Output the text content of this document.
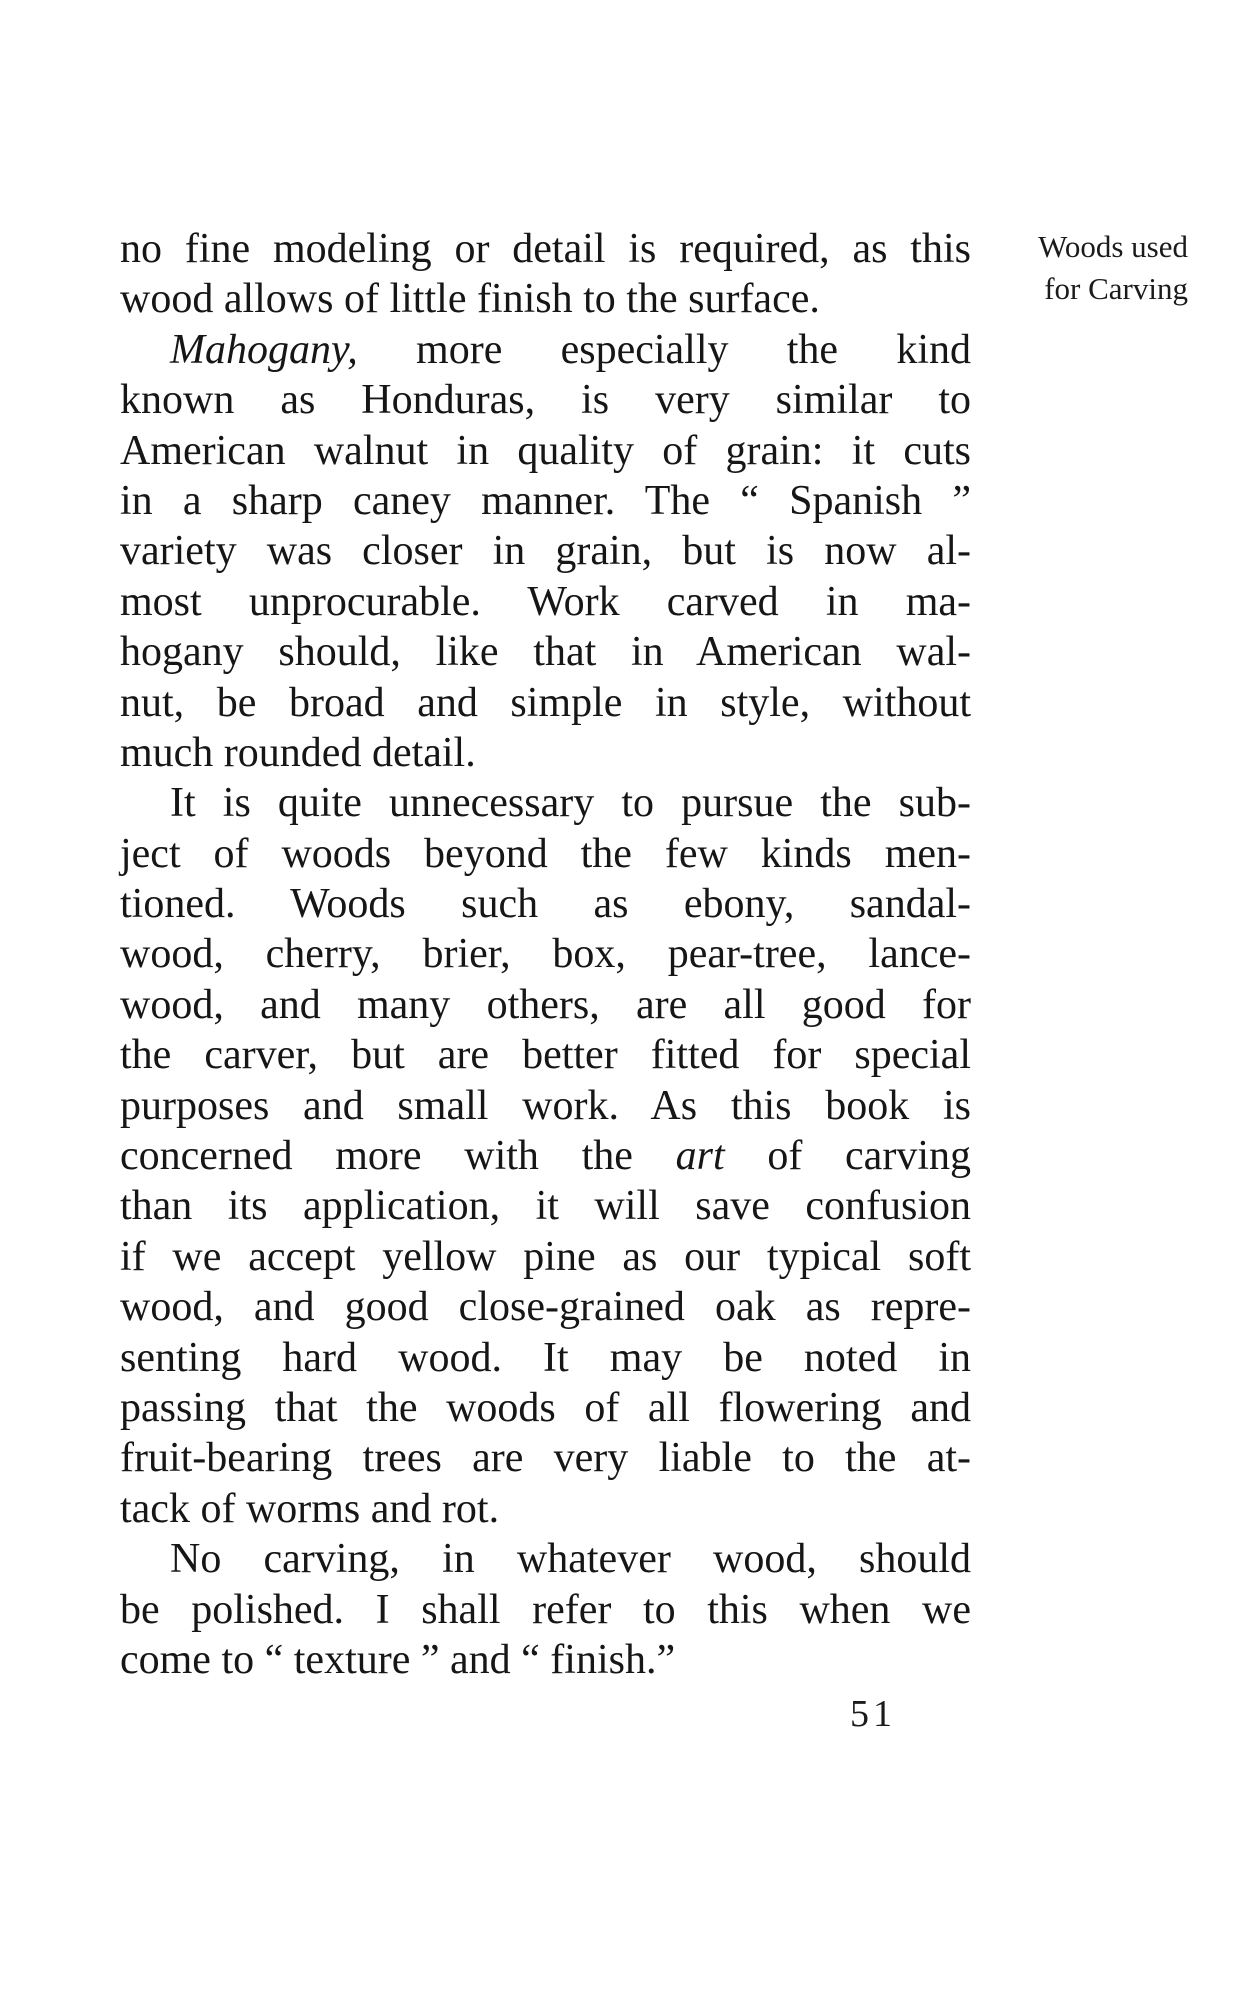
Woods used
for Carving
no fine modeling or detail is required, as this
wood allows of little finish to the surface.
Mahogany, more especially the kind
known as Honduras, is very similar to
American walnut in quality of grain: it cuts
in a sharp caney manner. The “ Spanish ”
variety was closer in grain, but is now al-
most unprocurable. Work carved in ma-
hogany should, like that in American wal-
nut, be broad and simple in style, without
much rounded detail.
It is quite unnecessary to pursue the sub-
ject of woods beyond the few kinds men-
tioned. Woods such as ebony, sandal-
wood, cherry, brier, box, pear-tree, lance-
wood, and many others, are all good for
the carver, but are better fitted for special
purposes and small work. As this book is
concerned more with the art of carving
than its application, it will save confusion
if we accept yellow pine as our typical soft
wood, and good close-grained oak as repre-
senting hard wood. It may be noted in
passing that the woods of all flowering and
fruit-bearing trees are very liable to the at-
tack of worms and rot.
No carving, in whatever wood, should
be polished. I shall refer to this when we
come to “ texture ” and “ finish.”
51
